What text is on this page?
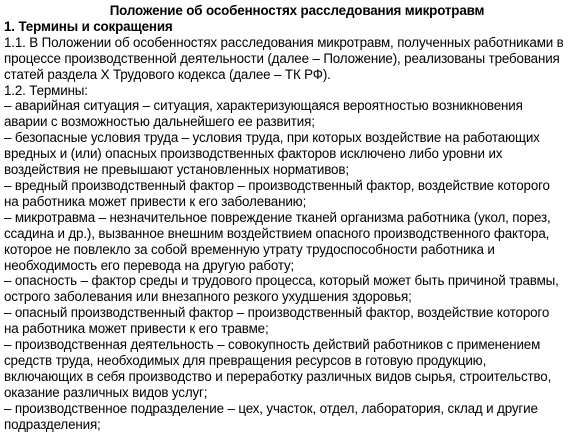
Положение об особенностях расследования микротравм
1. Термины и сокращения

1.1. В Положении об особенностях расследования микротравм, полученных работниками в процессе производственной деятельности (далее – Положение), реализованы требования статей раздела X Трудового кодекса (далее – ТК РФ).

1.2. Термины:

– аварийная ситуация – ситуация, характеризующаяся вероятностью возникновения аварии с возможностью дальнейшего ее развития;
– безопасные условия труда – условия труда, при которых воздействие на работающих вредных и (или) опасных производственных факторов исключено либо уровни их воздействия не превышают установленных нормативов;
– вредный производственный фактор – производственный фактор, воздействие которого на работника может привести к его заболеванию;
– микротравма – незначительное повреждение тканей организма работника (укол, порез, ссадина и др.), вызванное внешним воздействием опасного производственного фактора, которое не повлекло за собой временную утрату трудоспособности работника и необходимость его перевода на другую работу;
– опасность – фактор среды и трудового процесса, который может быть причиной травмы, острого заболевания или внезапного резкого ухудшения здоровья;
– опасный производственный фактор – производственный фактор, воздействие которого на работника может привести к его травме;
– производственная деятельность – совокупность действий работников с применением средств труда, необходимых для превращения ресурсов в готовую продукцию, включающих в себя производство и переработку различных видов сырья, строительство, оказание различных видов услуг;
– производственное подразделение – цех, участок, отдел, лаборатория, склад и другие подразделения;
